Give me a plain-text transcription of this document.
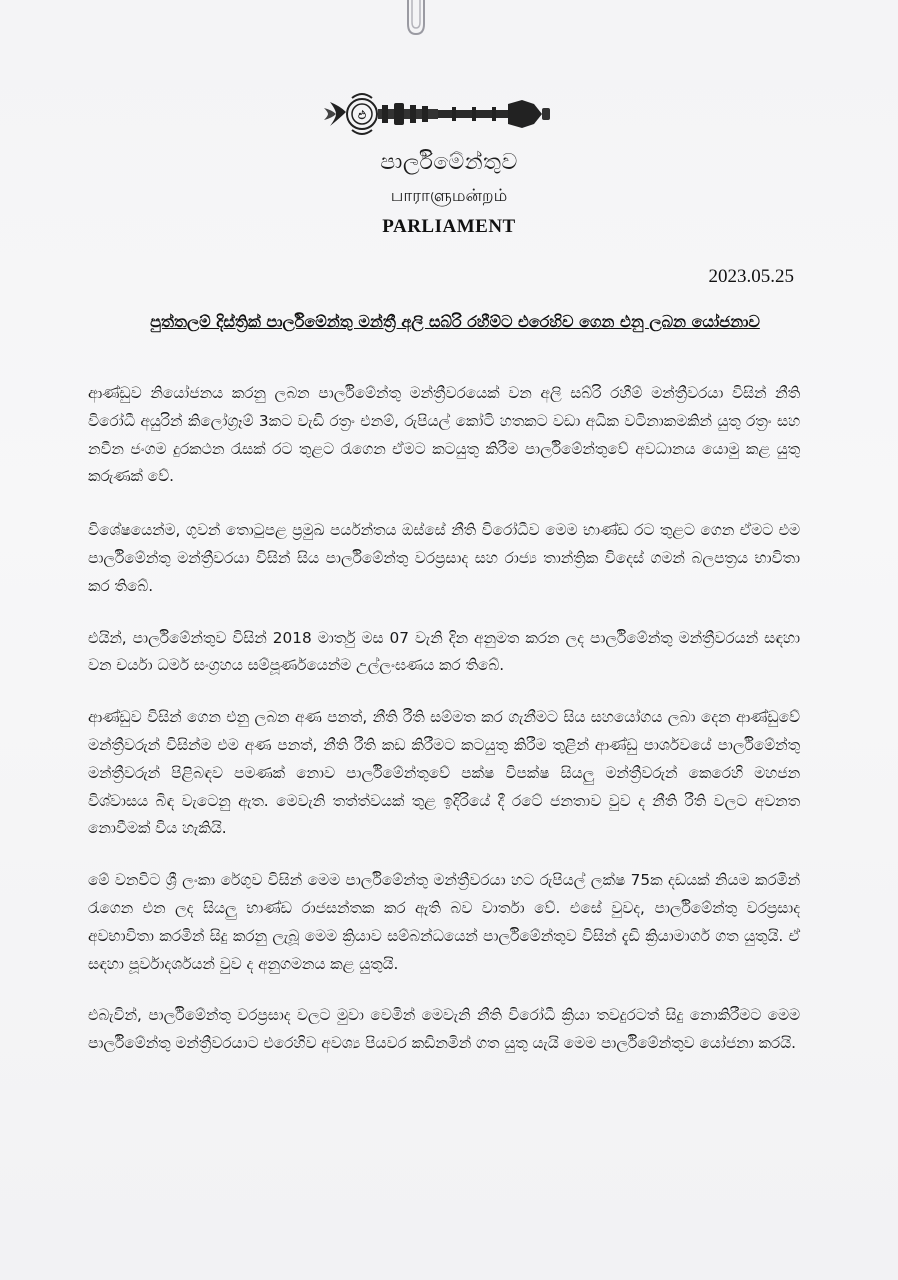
ඵ
පාර්ලිමේන්තුව
பாராளுமன்றம்
PARLIAMENT
2023.05.25
පුත්තලම් දිස්ත්‍රික් පාර්ලිමේන්තු මන්ත්‍රී අලි සබ්රි රහීම්ට එරෙහිව ගෙන එනු ලබන යෝජනාව

ආණ්ඩුව නියෝජනය කරනු ලබන පාර්ලිමේන්තු මන්ත්‍රීවරයෙක් වන අලි සබ්රි රහීම් මන්ත්‍රීවරයා විසින් නීති විරෝධී අයුරින් කිලෝග්‍රෑම් 3කට වැඩි රත්‍රං එනම්, රුපියල් කෝටි හතකට වඩා අධික වටිනාකමකින් යුතු රත්‍රං සහ නවීන ජංගම දුරකථන රැසක් රට තුළට රැගෙන ඒමට කටයුතු කිරීම පාර්ලිමේන්තුවේ අවධානය යොමු කළ යුතු කරුණක් වේ.

විශේෂයෙන්ම, ගුවන් තොටුපළ ප්‍රමුඛ පර්යන්තය ඔස්සේ නීති විරෝධීව මෙම භාණ්ඩ රට තුළට ගෙන ඒමට එම පාර්ලිමේන්තු මන්ත්‍රීවරයා විසින් සිය පාර්ලිමේන්තු වරප්‍රසාද සහ රාජ්‍ය තාන්ත්‍රික විදෙස් ගමන් බලපත්‍රය භාවිතා කර තිබේ.

එයින්, පාර්ලිමේන්තුව විසින් 2018 මාර්තු මස 07 වැනි දින අනුමත කරන ලද පාර්ලිමේන්තු මන්ත්‍රීවරයන් සඳහා වන චර්යා ධර්ම සංග්‍රහය සම්පූර්ණයෙන්ම උල්ලංඝණය කර තිබේ.

ආණ්ඩුව විසින් ගෙන එනු ලබන අණ පනත්, නීති රීති සම්මත කර ගැනීමට සිය සහයෝගය ලබා දෙන ආණ්ඩුවේ මන්ත්‍රීවරුන් විසින්ම එම අණ පනත්, නීති රීති කඩ කිරීමට කටයුතු කිරීම තුළින් ආණ්ඩු පාර්ශවයේ පාර්ලිමේන්තු මන්ත්‍රීවරුන් පිළිබඳව පමණක් නොව පාර්ලිමේන්තුවේ පක්ෂ විපක්ෂ සියලු මන්ත්‍රීවරුන් කෙරෙහි මහජන විශ්වාසය බිඳ වැටෙනු ඇත. මෙවැනි තත්ත්වයක් තුළ ඉදිරියේ දී රටේ ජනතාව වුව ද නීති රීති වලට අවනත නොවීමක් විය හැකියි.

මේ වනවිට ශ්‍රී ලංකා රේගුව විසින් මෙම පාර්ලිමේන්තු මන්ත්‍රීවරයා හට රුපියල් ලක්ෂ 75ක දඩයක් නියම කරමින් රැගෙන එන ලද සියලු භාණ්ඩ රාජසන්තක කර ඇති බව වාර්තා වේ. එසේ වුවද, පාර්ලිමේන්තු වරප්‍රසාද අවභාවිතා කරමින් සිදු කරනු ලැබූ මෙම ක්‍රියාව සම්බන්ධයෙන් පාර්ලිමේන්තුව විසින් දැඩි ක්‍රියාමාර්ග ගත යුතුයි. ඒ සඳහා පූර්වාදර්ශයන් වුව ද අනුගමනය කළ යුතුයි.

එබැවින්, පාර්ලිමේන්තු වරප්‍රසාද වලට මුවා වෙමින් මෙවැනි නීති විරෝධී ක්‍රියා තවදුරටත් සිදු නොකිරීමට මෙම පාර්ලිමේන්තු මන්ත්‍රීවරයාට එරෙහිව අවශ්‍ය පියවර කඩිනමින් ගත යුතු යැයි මෙම පාර්ලිමේන්තුව යෝජනා කරයි.
